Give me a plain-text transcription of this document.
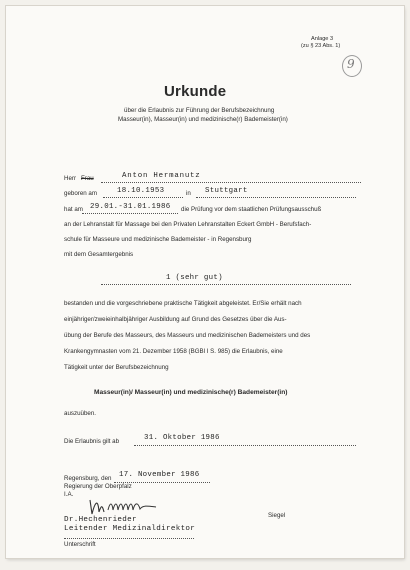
Anlage 3
(zu § 23 Abs. 1)
9
Urkunde
über die Erlaubnis zur Führung der Berufsbezeichnung
Masseur(in), Masseur(in) und medizinische(r) Bademeister(in)
Herr Frau	Anton Hermanutz
geboren am	18.10.1953	in Stuttgart
hat am 29.01.-31.01.1986 die Prüfung vor dem staatlichen Prüfungsausschuß
an der Lehranstalt für Massage bei den Privaten Lehranstalten Eckert GmbH - Berufsfach-
schule für Masseure und medizinische Bademeister - in Regensburg
mit dem Gesamtergebnis
1 (sehr gut)
bestanden und die vorgeschriebene praktische Tätigkeit abgeleistet. Er/Sie erhält nach
einjähriger/zweieinhalbjähriger Ausbildung auf Grund des Gesetzes über die Aus-
übung der Berufe des Masseurs, des Masseurs und medizinischen Bademeisters und des
Krankengymnasten vom 21. Dezember 1958 (BGBl I S. 985) die Erlaubnis, eine
Tätigkeit unter der Berufsbezeichnung
Masseur(in)/ Masseur(in) und medizinische(r) Bademeister(in)
auszuüben.
Die Erlaubnis gilt ab	31. Oktober 1986
Regensburg, den 17. November 1986
Regierung der Oberpfalz
I.A.
Siegel
Dr.Hechenrieder
Leitender Medizinaldirektor
Unterschrift
